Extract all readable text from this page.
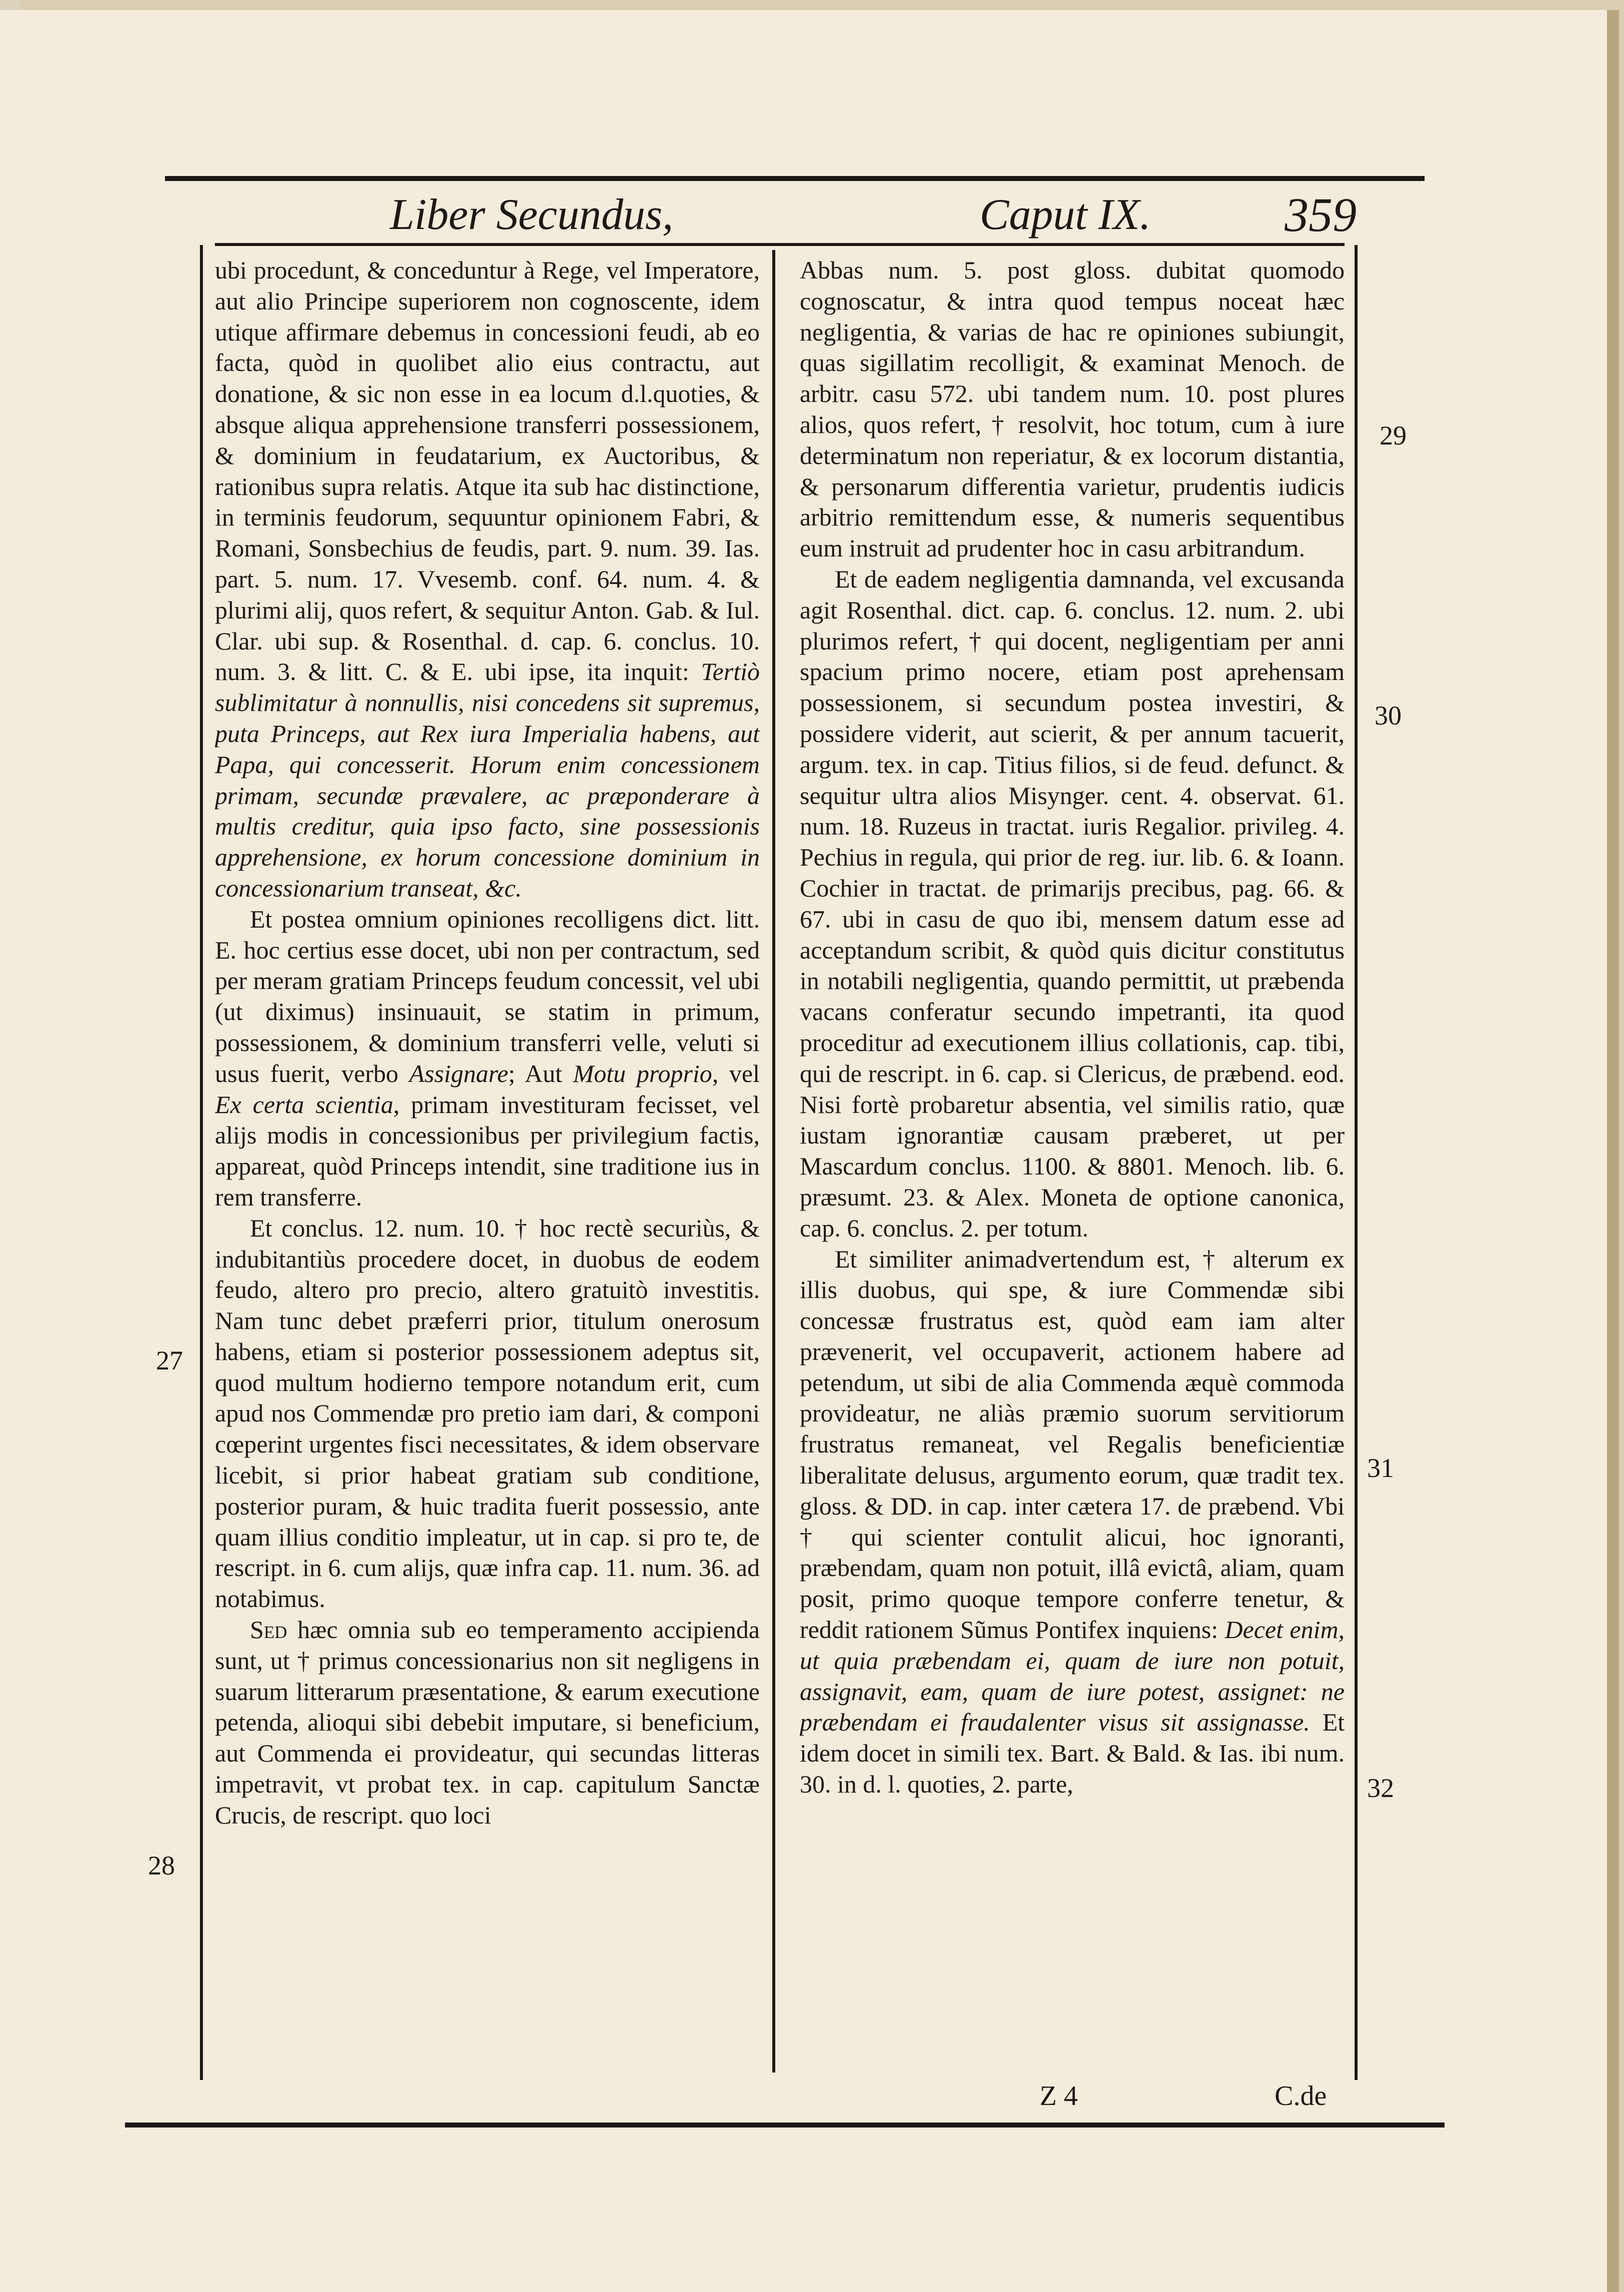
Liber Secundus,	Caput IX.	359

ubi procedunt, & conceduntur à Rege, vel Imperatore, aut alio Principe superiorem non cognoscente, idem utique affirmare debemus in concessioni feudi, ab eo facta, quòd in quolibet alio eius contractu, aut donatione, & sic non esse in ea locum d.l.quoties, & absque aliqua apprehensione transferri possessionem, & dominium in feudatarium, ex Auctoribus, & rationibus supra relatis. Atque ita sub hac distinctione, in terminis feudorum, sequuntur opinionem Fabri, & Romani, Sonsbechius de feudis, part. 9. num. 39. Ias. part. 5. num. 17. Vvesemb. conf. 64. num. 4. & plurimi alij, quos refert, & sequitur Anton. Gab. & Iul. Clar. ubi sup. & Rosenthal. d. cap. 6. conclus. 10. num. 3. & litt. C. & E. ubi ipse, ita inquit: Tertiò sublimitatur à nonnullis, nisi concedens sit supremus, puta Princeps, aut Rex iura Imperialia habens, aut Papa, qui concesserit. Horum enim concessionem primam, secundæ prævalere, ac præponderare à multis creditur, quia ipso facto, sine possessionis apprehensione, ex horum concessione dominium in concessionarium transeat, &c.

Et postea omnium opiniones recolligens dict. litt. E. hoc certius esse docet, ubi non per contractum, sed per meram gratiam Princeps feudum concessit, vel ubi (ut diximus) insinuauit, se statim in primum, possessionem, & dominium transferri velle, veluti si usus fuerit, verbo Assignare; Aut Motu proprio, vel Ex certa scientia, primam investituram fecisset, vel alijs modis in concessionibus per privilegium factis, appareat, quòd Princeps intendit, sine traditione ius in rem transferre.

Et conclus. 12. num. 10. † hoc rectè securiùs, & indubitantiùs procedere docet, in duobus de eodem feudo, altero pro precio, altero gratuitò investitis. Nam tunc debet præferri prior, titulum onerosum habens, etiam si posterior possessionem adeptus sit, quod multum hodierno tempore notandum erit, cum apud nos Commendæ pro pretio iam dari, & componi cœperint urgentes fisci necessitates, & idem observare licebit, si prior habeat gratiam sub conditione, posterior puram, & huic tradita fuerit possessio, ante quam illius conditio impleatur, ut in cap. si pro te, de rescript. in 6. cum alijs, quæ infra cap. 11. num. 36. ad notabimus.

Sed hæc omnia sub eo temperamento accipienda sunt, ut † primus concessionarius non sit negligens in suarum litterarum præsentatione, & earum executione petenda, alioqui sibi debebit imputare, si beneficium, aut Commenda ei provideatur, qui secundas litteras impetravit, vt probat tex. in cap. capitulum Sanctæ Crucis, de rescript. quo loci

Abbas num. 5. post gloss. dubitat quomodo cognoscatur, & intra quod tempus noceat hæc negligentia, & varias de hac re opiniones subiungit, quas sigillatim recolligit, & examinat Menoch. de arbitr. casu 572. ubi tandem num. 10. post plures alios, quos refert, † resolvit, hoc totum, cum à iure determinatum non reperiatur, & ex locorum distantia, & personarum differentia varietur, prudentis iudicis arbitrio remittendum esse, & numeris sequentibus eum instruit ad prudenter hoc in casu arbitrandum.

Et de eadem negligentia damnanda, vel excusanda agit Rosenthal. dict. cap. 6. conclus. 12. num. 2. ubi plurimos refert, † qui docent, negligentiam per anni spacium primo nocere, etiam post aprehensam possessionem, si secundum postea investiri, & possidere viderit, aut scierit, & per annum tacuerit, argum. tex. in cap. Titius filios, si de feud. defunct. & sequitur ultra alios Misynger. cent. 4. observat. 61. num. 18. Ruzeus in tractat. iuris Regalior. privileg. 4. Pechius in regula, qui prior de reg. iur. lib. 6. & Ioann. Cochier in tractat. de primarijs precibus, pag. 66. & 67. ubi in casu de quo ibi, mensem datum esse ad acceptandum scribit, & quòd quis dicitur constitutus in notabili negligentia, quando permittit, ut præbenda vacans conferatur secundo impetranti, ita quod proceditur ad executionem illius collationis, cap. tibi, qui de rescript. in 6. cap. si Clericus, de præbend. eod. Nisi fortè probaretur absentia, vel similis ratio, quæ iustam ignorantiæ causam præberet, ut per Mascardum conclus. 1100. & 8801. Menoch. lib. 6. præsumt. 23. & Alex. Moneta de optione canonica, cap. 6. conclus. 2. per totum.

Et similiter animadvertendum est, † alterum ex illis duobus, qui spe, & iure Commendæ sibi concessæ frustratus est, quòd eam iam alter prævenerit, vel occupaverit, actionem habere ad petendum, ut sibi de alia Commenda æquè commoda provideatur, ne aliàs præmio suorum servitiorum frustratus remaneat, vel Regalis beneficientiæ liberalitate delusus, argumento eorum, quæ tradit tex. gloss. & DD. in cap. inter cætera 17. de præbend. Vbi † qui scienter contulit alicui, hoc ignoranti, præbendam, quam non potuit, illâ evictâ, aliam, quam posit, primo quoque tempore conferre tenetur, & reddit rationem Sũmus Pontifex inquiens: Decet enim, ut quia præbendam ei, quam de iure non potuit, assignavit, eam, quam de iure potest, assignet: ne præbendam ei fraudalenter visus sit assignasse. Et idem docet in simili tex. Bart. & Bald. & Ias. ibi num. 30. in d. l. quoties, 2. parte,

27
28
29
30
31
32
Z 4	C.de
